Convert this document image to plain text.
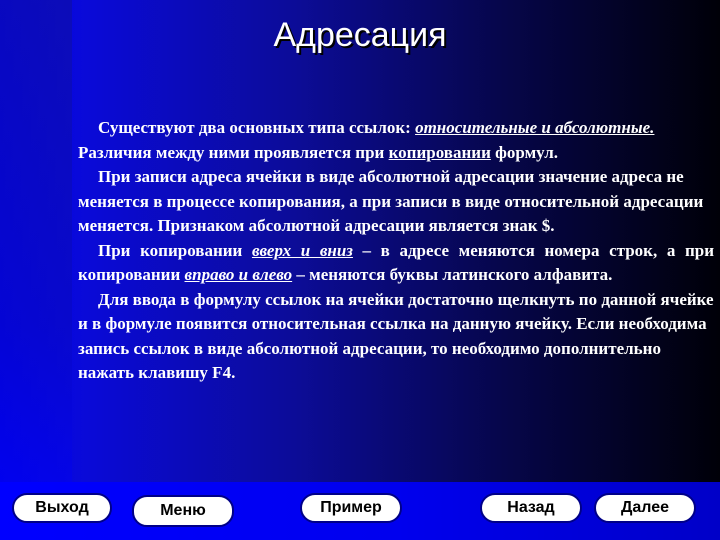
Адресация

Существуют два основных типа ссылок: относительные и абсолютные. Различия между ними проявляется при копировании формул.

При записи адреса ячейки в виде абсолютной адресации значение адреса не меняется в процессе копирования, а при записи в виде относительной адресации меняется. Признаком абсолютной адресации является знак $.

При копировании вверх и вниз – в адресе меняются номера строк, а при копировании вправо и влево – меняются буквы латинского алфавита.

Для ввода в формулу ссылок на ячейки достаточно щелкнуть по данной ячейке и в формуле появится относительная ссылка на данную ячейку. Если необходима запись ссылок в виде абсолютной адресации, то необходимо дополнительно нажать клавишу F4.

Выход	Меню	Пример	Назад	Далее
